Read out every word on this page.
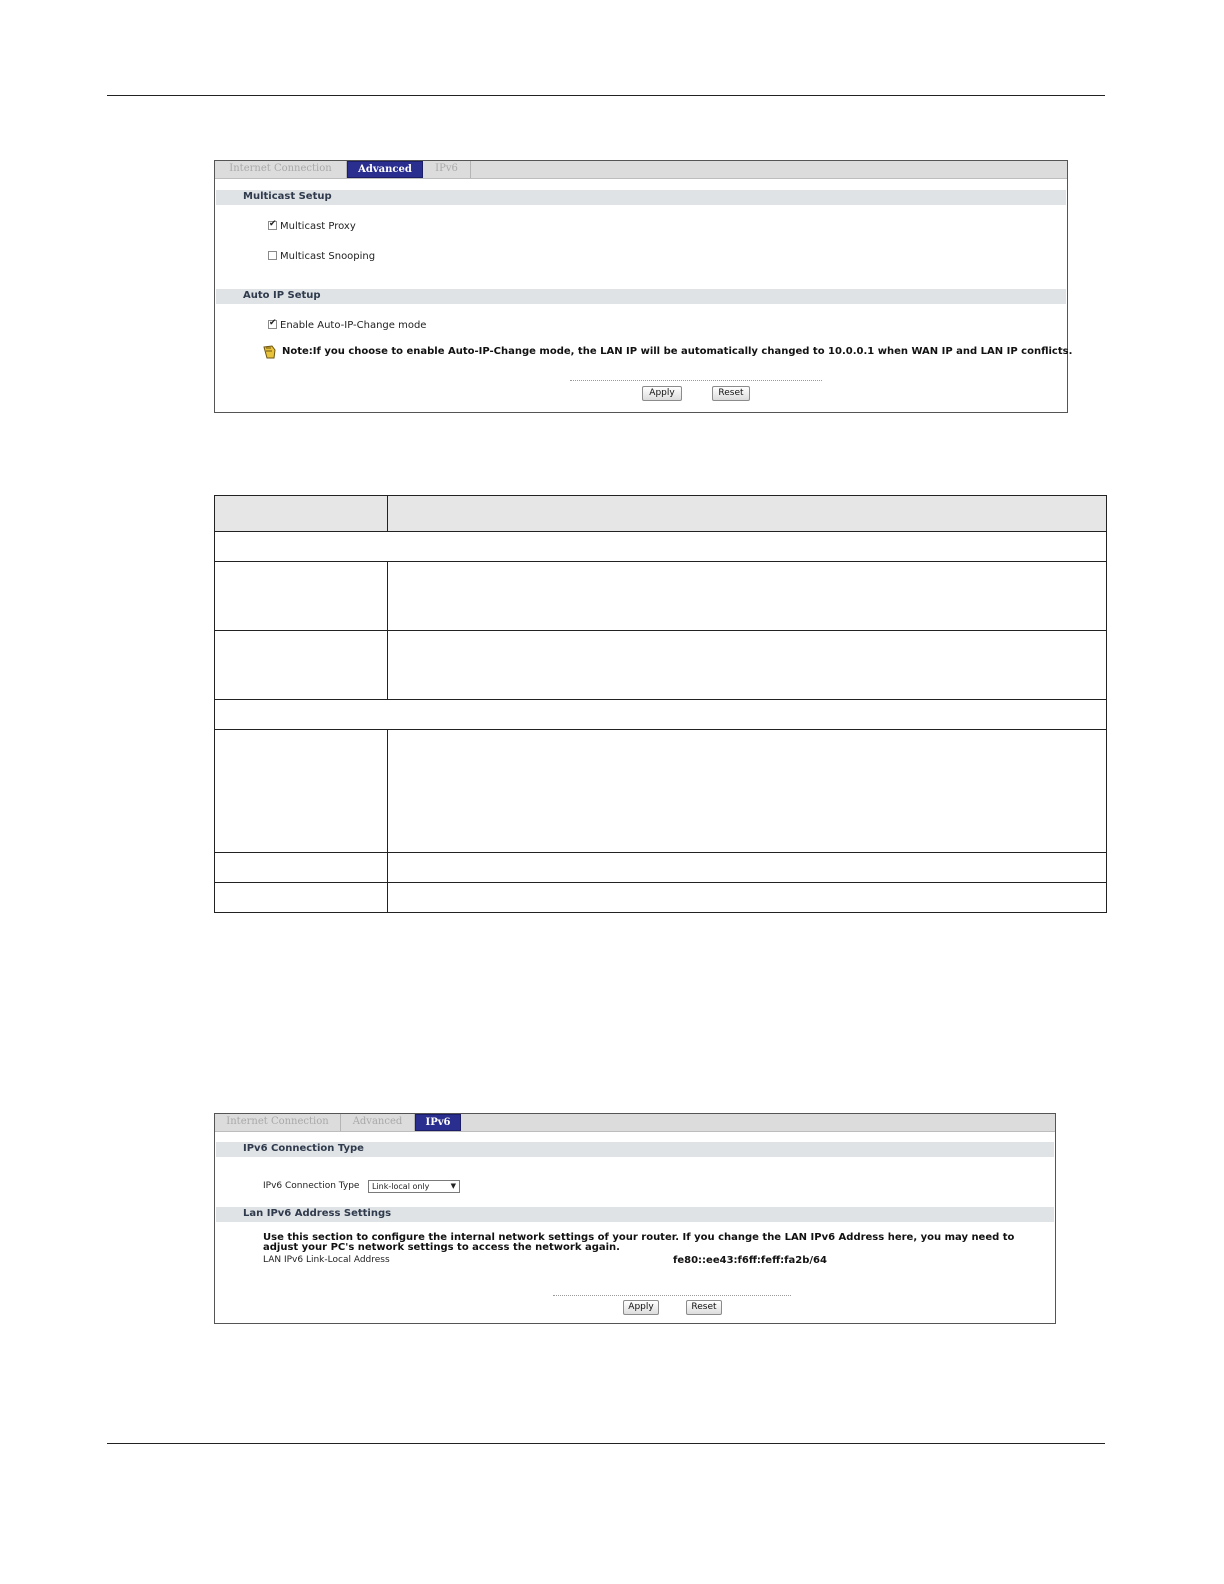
Internet Connection	Advanced	IPv6
Multicast Setup
✔
Multicast Proxy
Multicast Snooping
Auto IP Setup
✔
Enable Auto-IP-Change mode
Note:If you choose to enable Auto-IP-Change mode, the LAN IP will be automatically changed to 10.0.0.1 when WAN IP and LAN IP conflicts.
Apply	Reset

Internet Connection	Advanced	IPv6
IPv6 Connection Type
IPv6 Connection Type	Link-local only	▼
Lan IPv6 Address Settings
Use this section to configure the internal network settings of your router. If you change the LAN IPv6 Address here, you may need to adjust your PC's network settings to access the network again.
LAN IPv6 Link-Local Address	fe80::ee43:f6ff:feff:fa2b/64
Apply	Reset
